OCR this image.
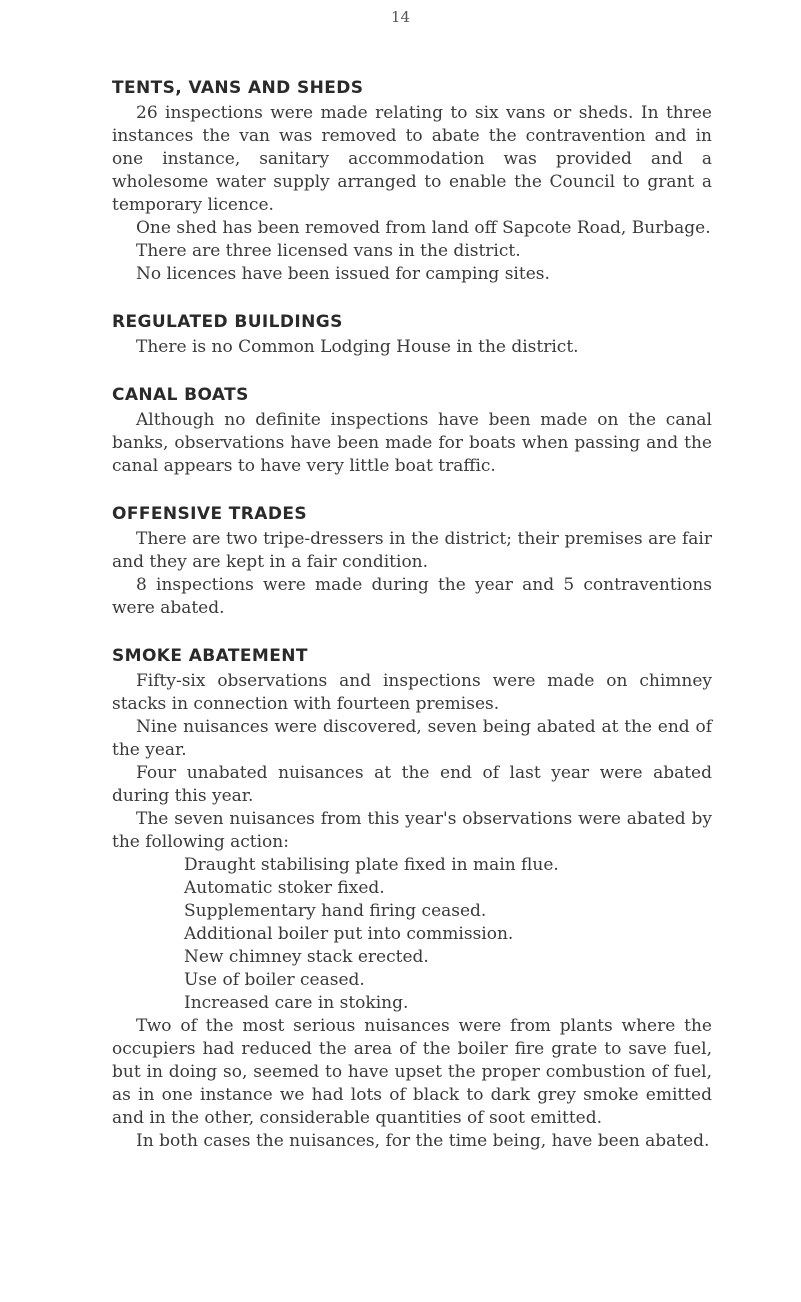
14
TENTS, VANS AND SHEDS

26 inspections were made relating to six vans or sheds. In three instances the van was removed to abate the contravention and in one instance, sanitary accommodation was provided and a wholesome water supply arranged to enable the Council to grant a temporary licence.

One shed has been removed from land off Sapcote Road, Burbage.

There are three licensed vans in the district.

No licences have been issued for camping sites.

REGULATED BUILDINGS

There is no Common Lodging House in the district.

CANAL BOATS

Although no definite inspections have been made on the canal banks, observations have been made for boats when passing and the canal appears to have very little boat traffic.

OFFENSIVE TRADES

There are two tripe-dressers in the district; their premises are fair and they are kept in a fair condition.

8 inspections were made during the year and 5 contraventions were abated.

SMOKE ABATEMENT

Fifty-six observations and inspections were made on chimney stacks in connection with fourteen premises.

Nine nuisances were discovered, seven being abated at the end of the year.

Four unabated nuisances at the end of last year were abated during this year.

The seven nuisances from this year's observations were abated by the following action:

Draught stabilising plate fixed in main flue.
Automatic stoker fixed.
Supplementary hand firing ceased.
Additional boiler put into commission.
New chimney stack erected.
Use of boiler ceased.
Increased care in stoking.

Two of the most serious nuisances were from plants where the occupiers had reduced the area of the boiler fire grate to save fuel, but in doing so, seemed to have upset the proper combustion of fuel, as in one instance we had lots of black to dark grey smoke emitted and in the other, considerable quantities of soot emitted.

In both cases the nuisances, for the time being, have been abated.
